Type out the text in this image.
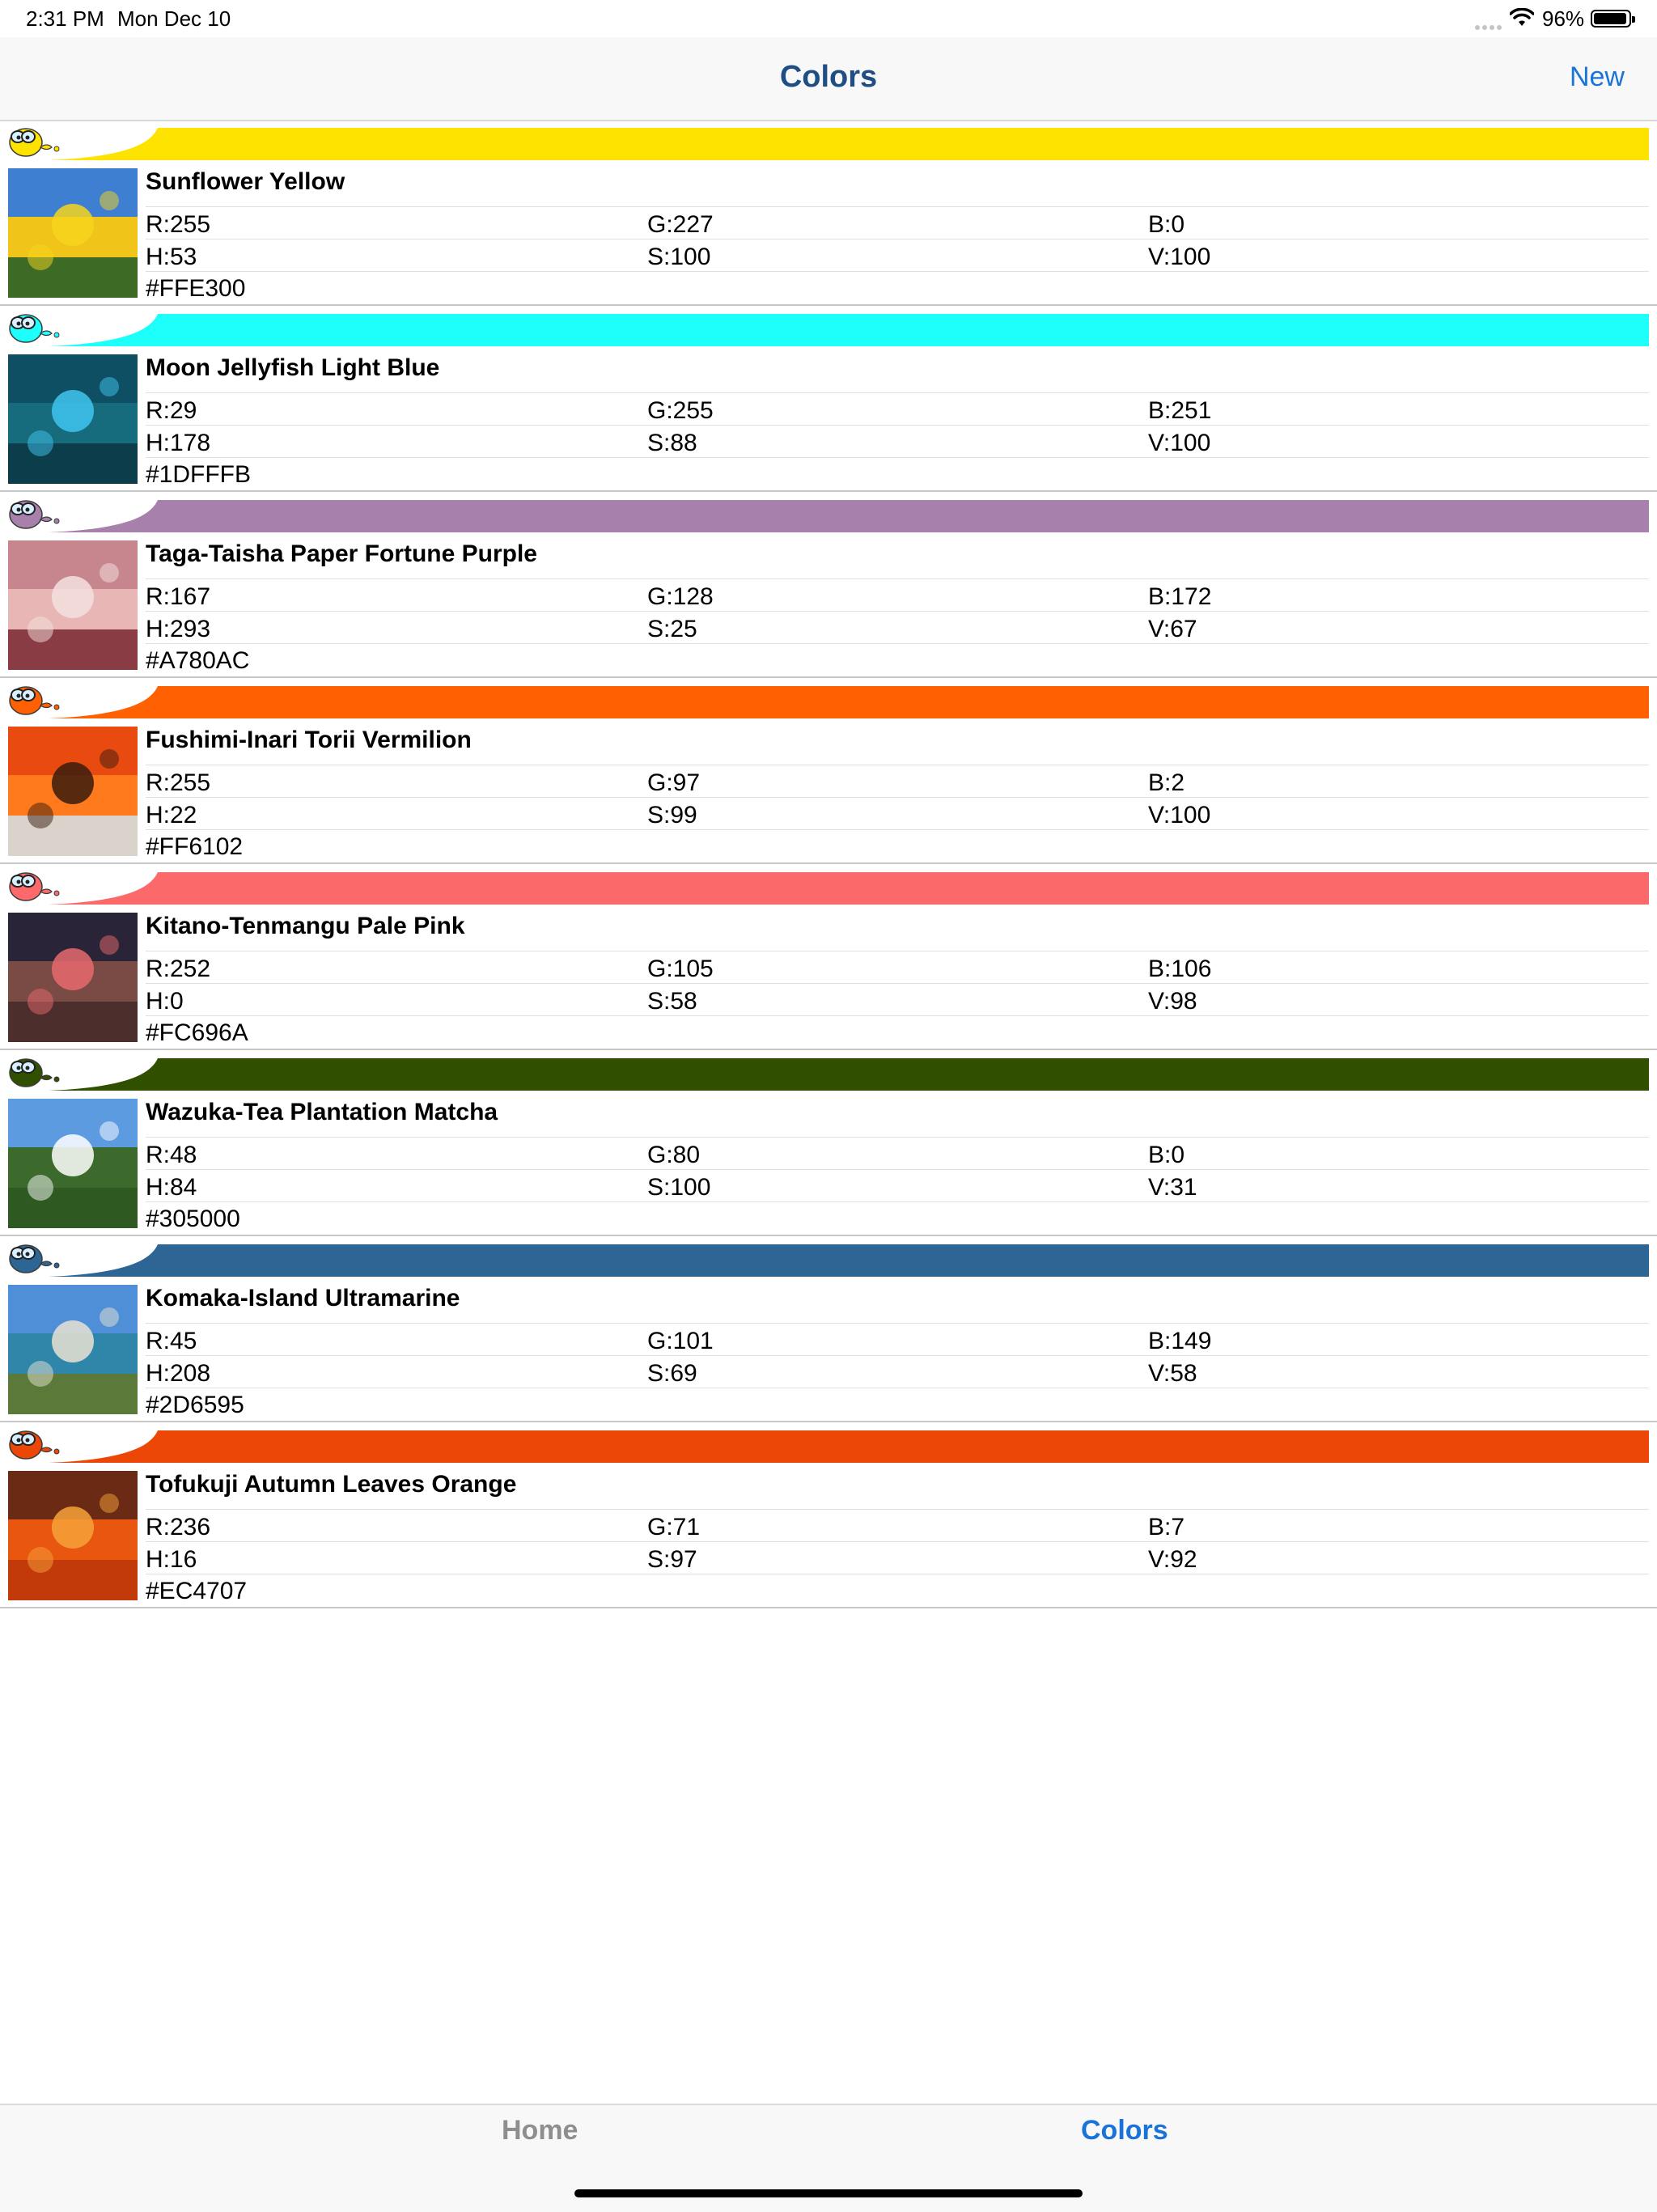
2:31 PM Mon Dec 10	96%
Colors	New
Sunflower Yellow
R:255	G:227	B:0
H:53	S:100	V:100
#FFE300
Moon Jellyfish Light Blue
R:29	G:255	B:251
H:178	S:88	V:100
#1DFFFB
Taga-Taisha Paper Fortune Purple
R:167	G:128	B:172
H:293	S:25	V:67
#A780AC
Fushimi-Inari Torii Vermilion
R:255	G:97	B:2
H:22	S:99	V:100
#FF6102
Kitano-Tenmangu Pale Pink
R:252	G:105	B:106
H:0	S:58	V:98
#FC696A
Wazuka-Tea Plantation Matcha
R:48	G:80	B:0
H:84	S:100	V:31
#305000
Komaka-Island Ultramarine
R:45	G:101	B:149
H:208	S:69	V:58
#2D6595
Tofukuji Autumn Leaves Orange
R:236	G:71	B:7
H:16	S:97	V:92
#EC4707
Home	Colors
